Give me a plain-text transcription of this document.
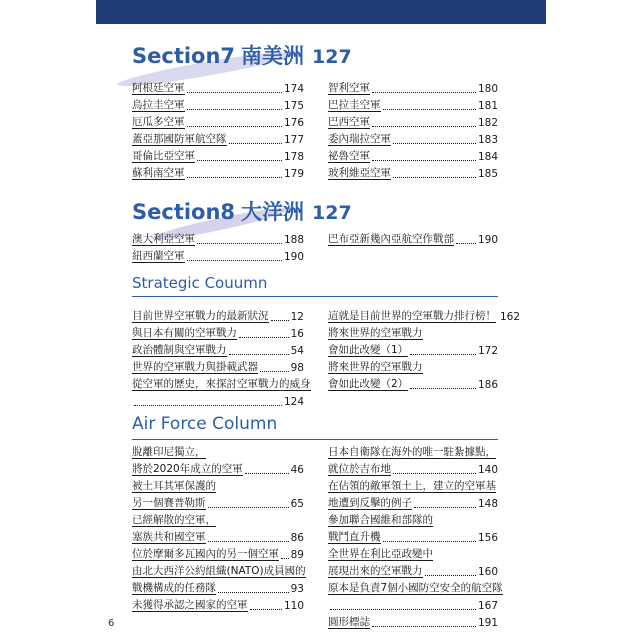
Section7 南美洲 127
阿根廷空軍	174
烏拉圭空軍	175
厄瓜多空軍	176
蓋亞那國防軍航空隊	177
哥倫比亞空軍	178
蘇利南空軍	179
智利空軍	180
巴拉圭空軍	181
巴西空軍	182
委內瑞拉空軍	183
祕魯空軍	184
玻利維亞空軍	185
Section8 大洋洲 127
澳大利亞空軍	188
紐西蘭空軍	190
巴布亞新幾內亞航空作戰部 190
Strategic Couumn
目前世界空軍戰力的最新狀況 12
與日本有關的空軍戰力	16
政治體制與空軍戰力	54
世界的空軍戰力與掛載武器	98
從空軍的歷史，來探討空軍戰力的威身
124
這就是目前世界的空軍戰力排行榜！ 162
將來世界的空軍戰力
會如此改變（1）	172
將來世界的空軍戰力
會如此改變（2）	186
Air Force Column
脫離印尼獨立，
將於2020年成立的空軍	46
被土耳其軍保護的
另一個賽普勒斯	65
已經解散的空軍，
塞族共和國空軍	86
位於摩爾多瓦國內的另一個空軍 89
由北大西洋公約組織(NATO)成員國的
戰機構成的任務隊	93
未獲得承認之國家的空軍	110
日本自衛隊在海外的唯一駐紮據點，
就位於吉布地	140
在佔領的敵軍領土上，建立的空軍基
地遭到反擊的例子	148
參加聯合國維和部隊的
戰鬥直升機	156
全世界在利比亞政變中
展現出來的空軍戰力	160
原本是負責7個小國防空安全的航空隊
167
圓形標誌	191
6
